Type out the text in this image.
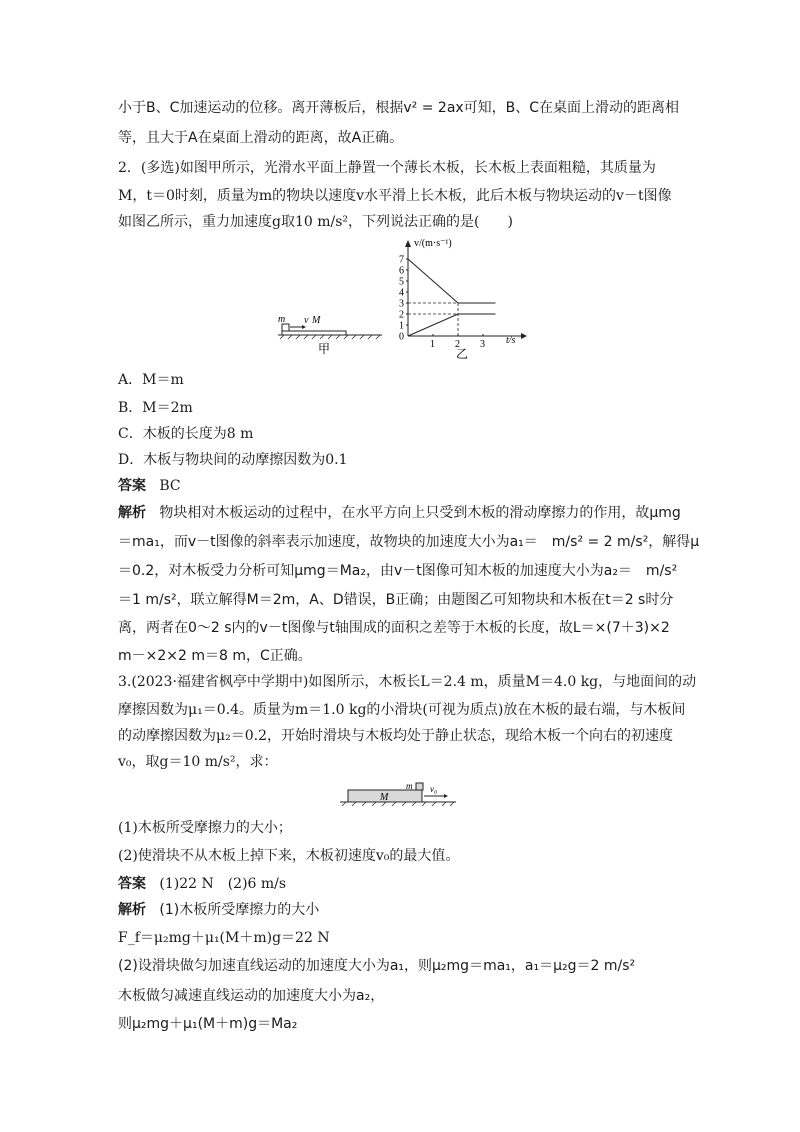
小于B、C加速运动的位移。离开薄板后，根据v² = 2ax可知，B、C在桌面上滑动的距离相
等，且大于A在桌面上滑动的距离，故A正确。
2．(多选)如图甲所示，光滑水平面上静置一个薄长木板，长木板上表面粗糙，其质量为
M，t＝0时刻，质量为m的物块以速度v水平滑上长木板，此后木板与物块运动的v－t图像
如图乙所示，重力加速度g取10 m/s²，下列说法正确的是(　　)
m v M
甲
v/(m·s⁻¹)
t/s
0
1
2
3
4
5
6
7
1 2 3
乙
A．M＝m
B．M＝2m
C．木板的长度为8 m
D．木板与物块间的动摩擦因数为0.1
答案 BC
解析 物块相对木板运动的过程中，在水平方向上只受到木板的滑动摩擦力的作用，故μmg
＝ma₁，而v－t图像的斜率表示加速度，故物块的加速度大小为a₁＝　m/s² = 2 m/s²，解得μ
＝0.2，对木板受力分析可知μmg＝Ma₂，由v－t图像可知木板的加速度大小为a₂＝　m/s²
＝1 m/s²，联立解得M＝2m，A、D错误，B正确；由题图乙可知物块和木板在t＝2 s时分
离，两者在0～2 s内的v－t图像与t轴围成的面积之差等于木板的长度，故L＝×(7＋3)×2
m－×2×2 m＝8 m，C正确。
3.(2023·福建省枫亭中学期中)如图所示，木板长L＝2.4 m，质量M＝4.0 kg，与地面间的动
摩擦因数为μ₁＝0.4。质量为m＝1.0 kg的小滑块(可视为质点)放在木板的最右端，与木板间
的动摩擦因数为μ₂＝0.2，开始时滑块与木板均处于静止状态，现给木板一个向右的初速度
v₀，取g＝10 m/s²，求：
M
m v₀
(1)木板所受摩擦力的大小；
(2)使滑块不从木板上掉下来，木板初速度v₀的最大值。
答案 (1)22 N　(2)6 m/s
解析 (1)木板所受摩擦力的大小
F_f＝μ₂mg＋μ₁(M＋m)g＝22 N
(2)设滑块做匀加速直线运动的加速度大小为a₁，则μ₂mg＝ma₁，a₁＝μ₂g＝2 m/s²
木板做匀减速直线运动的加速度大小为a₂，
则μ₂mg＋μ₁(M＋m)g＝Ma₂
